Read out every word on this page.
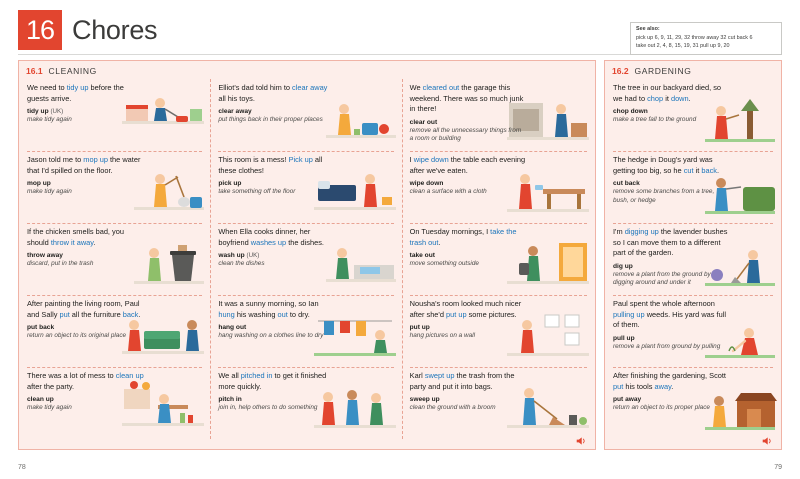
16 Chores	See also:
pick up 6, 9, 11, 29, 32 throw away 32 cut back 6
take out 2, 4, 8, 15, 19, 31 pull up 9, 20
16.1 CLEANING

We need to tidy up before the guests arrive.

tidy up (UK)

make tidy again

Jason told me to mop up the water that I'd spilled on the floor.

mop up

make tidy again

If the chicken smells bad, you should throw it away.

throw away

discard, put in the trash

After painting the living room, Paul and Sally put all the furniture back.

put back

return an object to its original place

There was a lot of mess to clean up after the party.

clean up

make tidy again

Elliot's dad told him to clear away all his toys.

clear away

put things back in their proper places

This room is a mess! Pick up all these clothes!

pick up

take something off the floor

When Ella cooks dinner, her boyfriend washes up the dishes.

wash up (UK)

clean the dishes

It was a sunny morning, so Ian hung his washing out to dry.

hang out

hang washing on a clothes line to dry

We all pitched in to get it finished more quickly.

pitch in

join in, help others to do something

We cleared out the garage this weekend. There was so much junk in there!

clear out

remove all the unnecessary things from a room or building

I wipe down the table each evening after we've eaten.

wipe down

clean a surface with a cloth

On Tuesday mornings, I take the trash out.

take out

move something outside

Nousha's room looked much nicer after she'd put up some pictures.

put up

hang pictures on a wall

Karl swept up the trash from the party and put it into bags.

sweep up

clean the ground with a broom

16.2 GARDENING

The tree in our backyard died, so we had to chop it down.

chop down

make a tree fall to the ground

The hedge in Doug's yard was getting too big, so he cut it back.

cut back

remove some branches from a tree, bush, or hedge

I'm digging up the lavender bushes so I can move them to a different part of the garden.

dig up

remove a plant from the ground by digging around and under it

Paul spent the whole afternoon pulling up weeds. His yard was full of them.

pull up

remove a plant from ground by pulling

After finishing the gardening, Scott put his tools away.

put away

return an object to its proper place

78	79
